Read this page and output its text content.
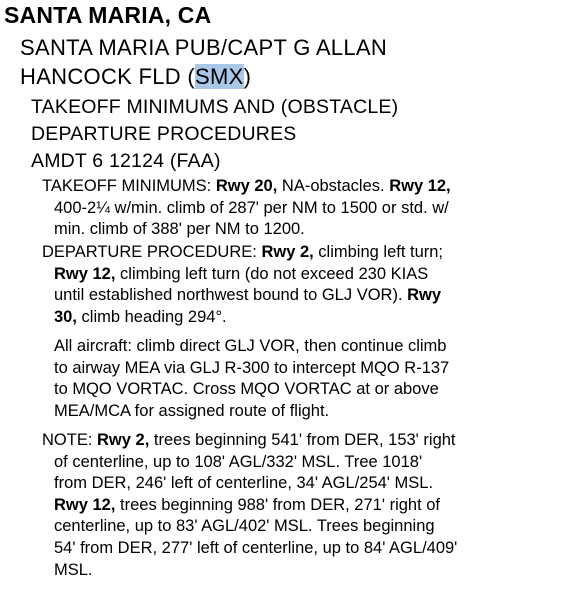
SANTA MARIA, CA
SANTA MARIA PUB/CAPT G ALLAN
HANCOCK FLD (SMX)
TAKEOFF MINIMUMS AND (OBSTACLE)
DEPARTURE PROCEDURES
AMDT 6 12124 (FAA)
TAKEOFF MINIMUMS: Rwy 20, NA-obstacles. Rwy 12,
400-2¼ w/min. climb of 287' per NM to 1500 or std. w/
min. climb of 388' per NM to 1200.
DEPARTURE PROCEDURE: Rwy 2, climbing left turn;
Rwy 12, climbing left turn (do not exceed 230 KIAS
until established northwest bound to GLJ VOR). Rwy
30, climb heading 294°.
All aircraft: climb direct GLJ VOR, then continue climb
to airway MEA via GLJ R-300 to intercept MQO R-137
to MQO VORTAC. Cross MQO VORTAC at or above
MEA/MCA for assigned route of flight.
NOTE: Rwy 2, trees beginning 541' from DER, 153' right
of centerline, up to 108' AGL/332' MSL. Tree 1018'
from DER, 246' left of centerline, 34' AGL/254' MSL.
Rwy 12, trees beginning 988' from DER, 271' right of
centerline, up to 83' AGL/402' MSL. Trees beginning
54' from DER, 277' left of centerline, up to 84' AGL/409'
MSL.
